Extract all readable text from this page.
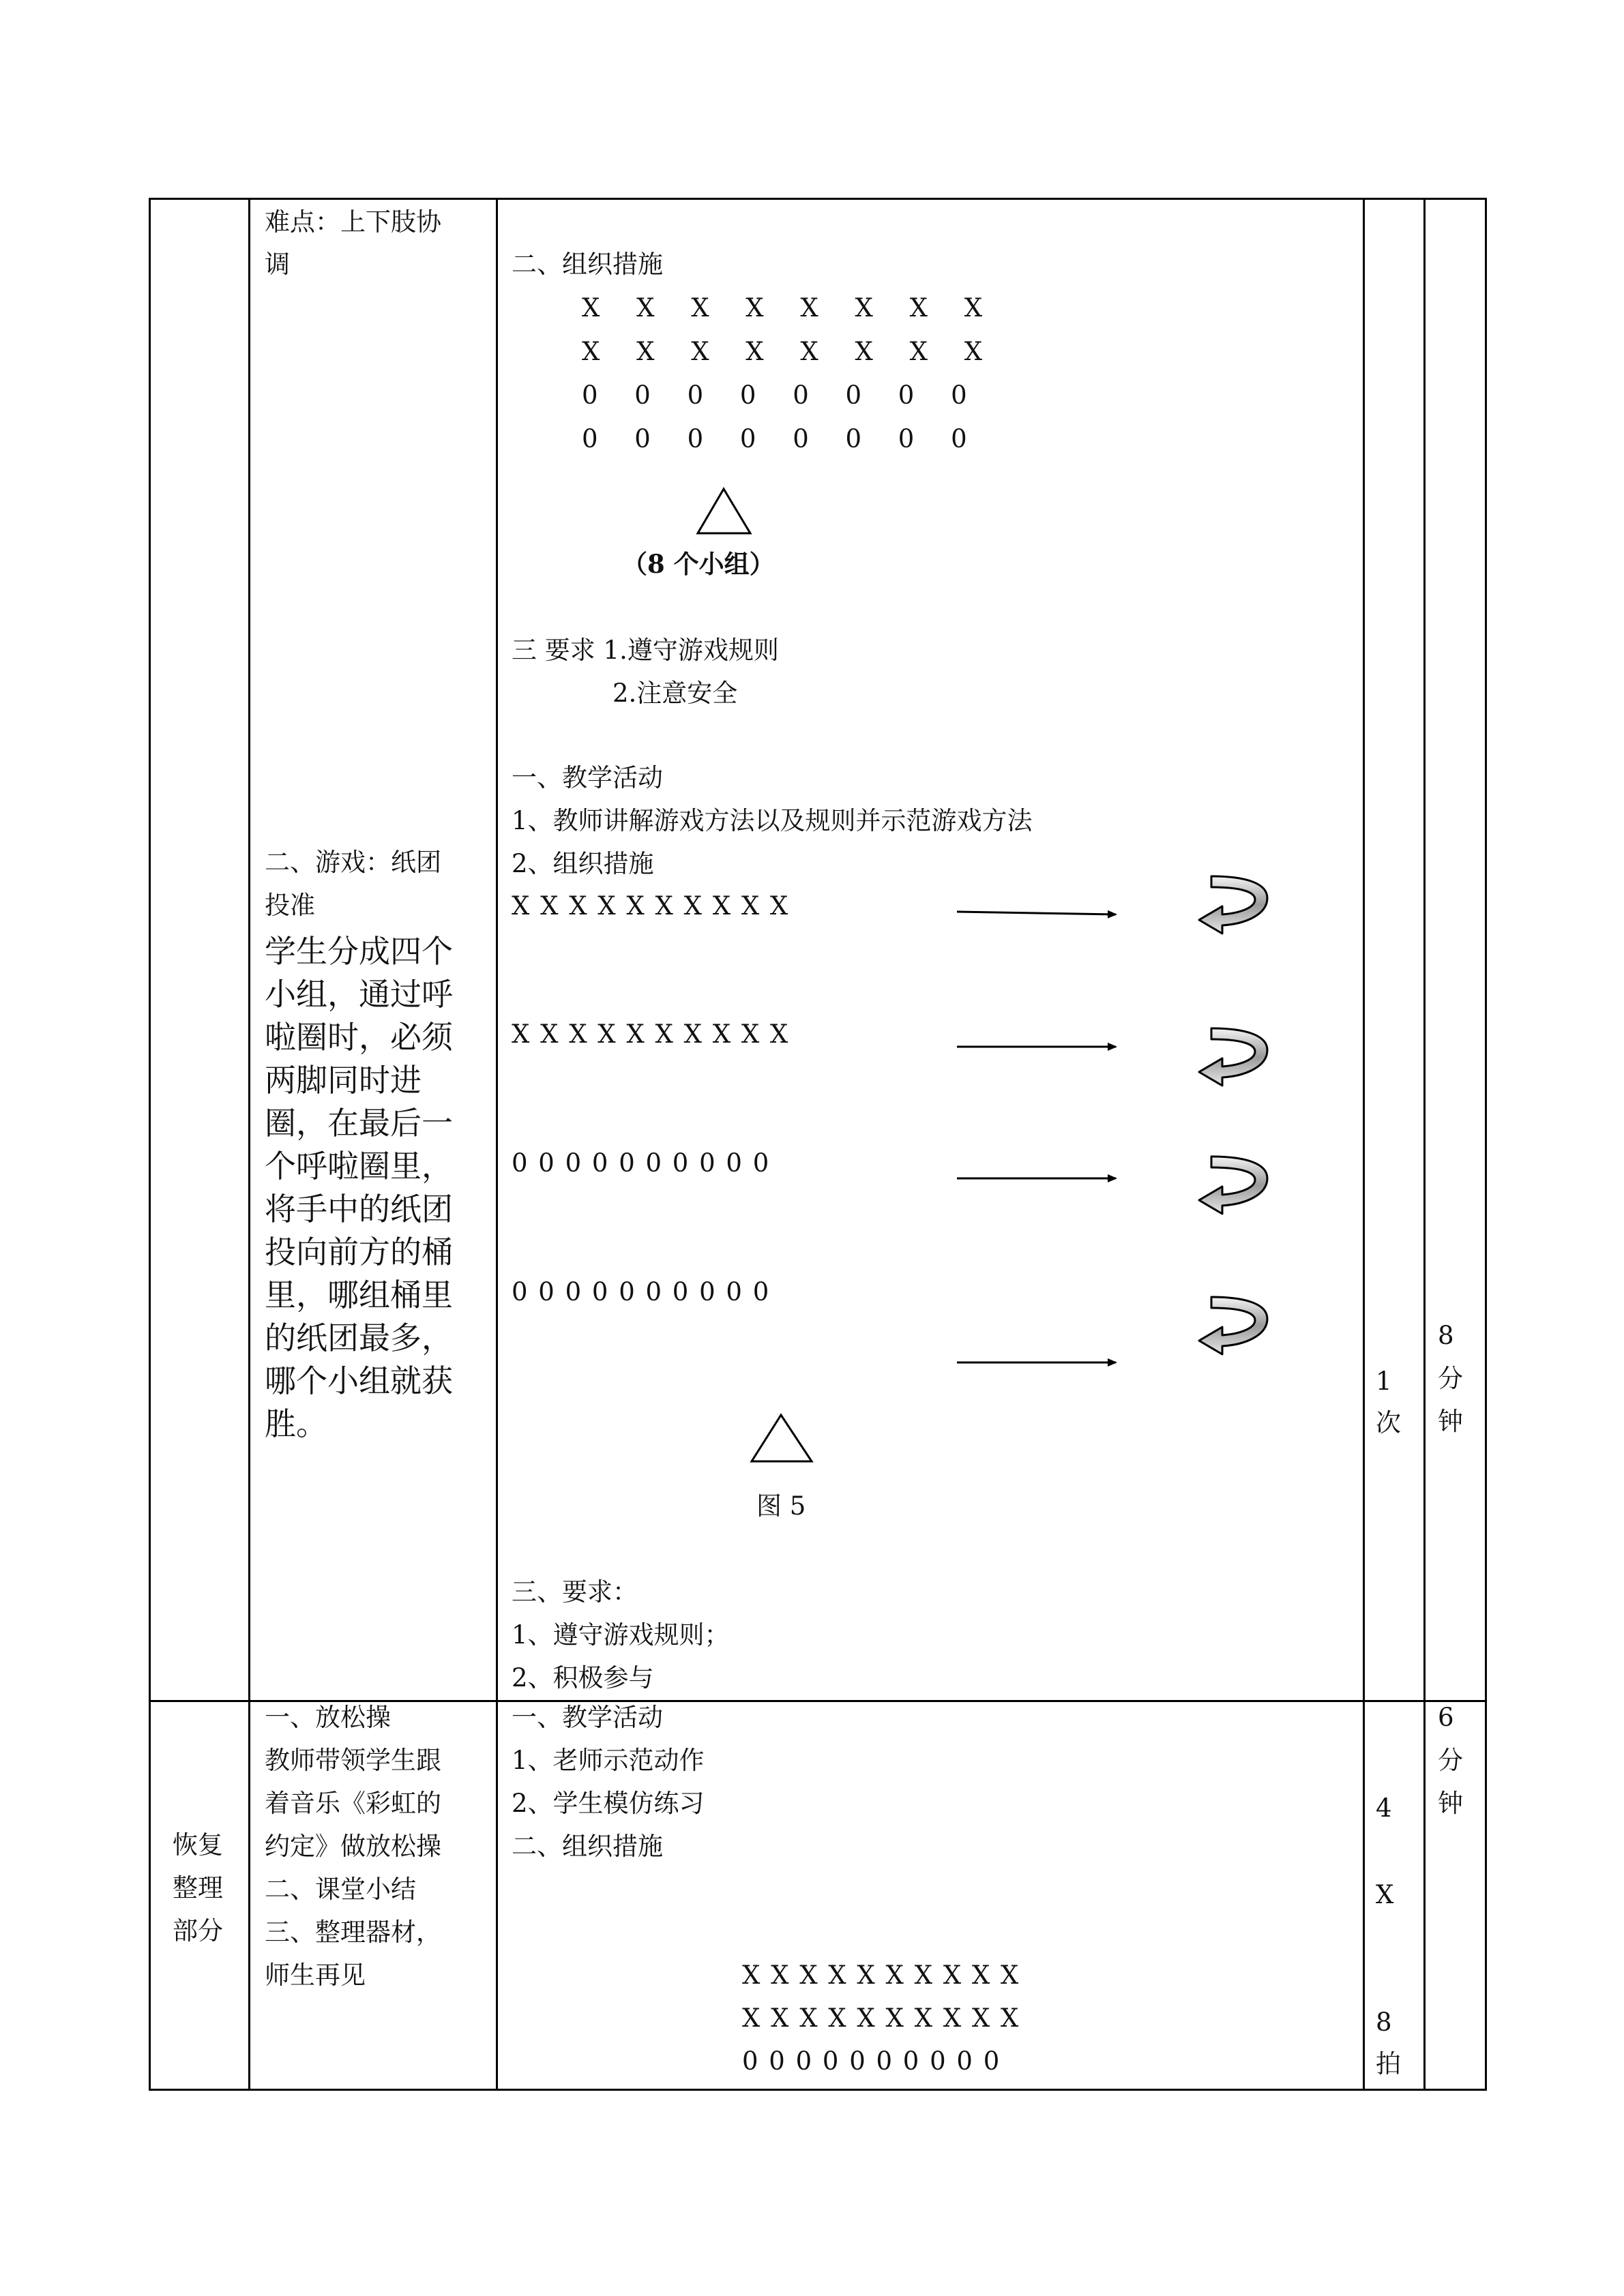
难点：上下肢协
调
二、游戏：纸团
投准
学生分成四个
小组，通过呼
啦圈时，必须
两脚同时进
圈，在最后一
个呼啦圈里，
将手中的纸团
投向前方的桶
里，哪组桶里
的纸团最多，
哪个小组就获
胜。
二、组织措施
X X X X X X X X
X X X X X X X X
0 0 0 0 0 0 0 0
0 0 0 0 0 0 0 0
（8 个小组）
三 要求 1.遵守游戏规则
2.注意安全
一、教学活动
1、教师讲解游戏方法以及规则并示范游戏方法
2、组织措施
X X X X X X X X X X
X X X X X X X X X X
0 0 0 0 0 0 0 0 0 0
0 0 0 0 0 0 0 0 0 0
图 5
三、要求：
1、遵守游戏规则；
2、积极参与
1
次
8
分
钟
恢复
整理
部分
一、放松操
教师带领学生跟
着音乐《彩虹的
约定》做放松操
二、课堂小结
三、整理器材，
师生再见
一、教学活动
1、老师示范动作
2、学生模仿练习
二、组织措施
X X X X X X X X X X
X X X X X X X X X X
0 0 0 0 0 0 0 0 0 0
4
X
8
拍
6
分
钟
